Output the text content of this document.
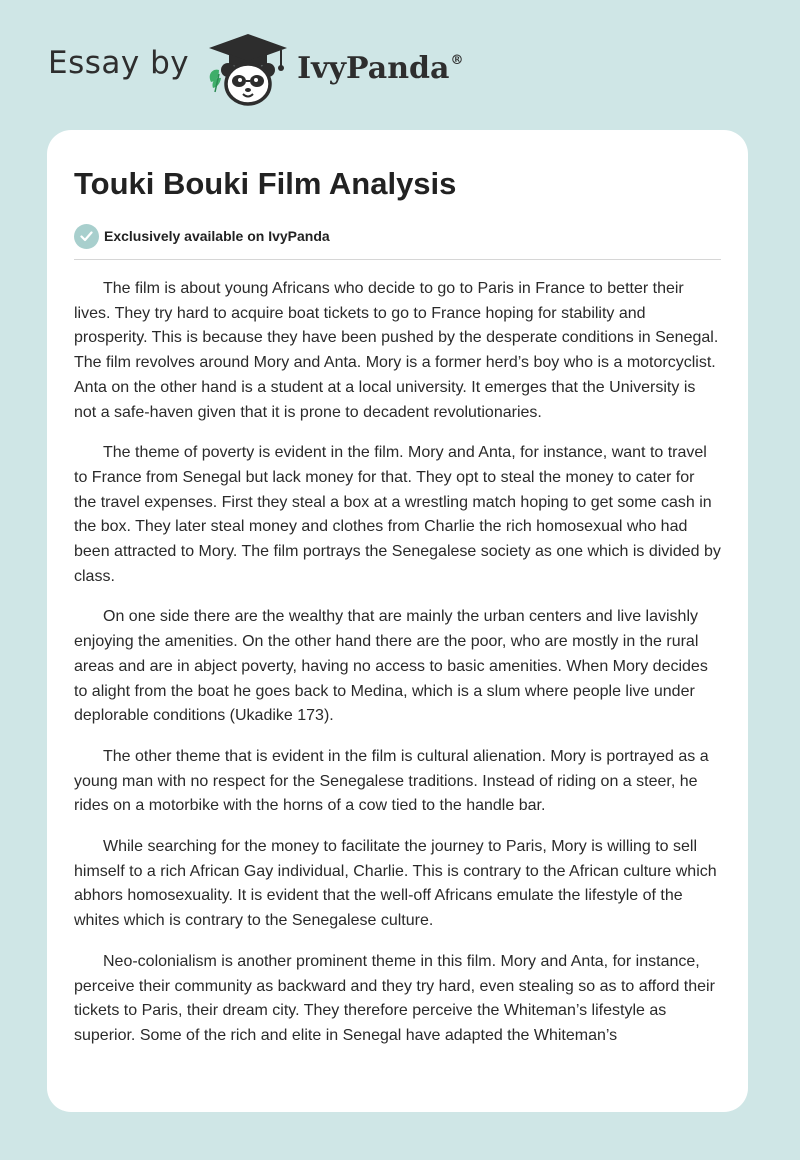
Essay by	IvyPanda®
Touki Bouki Film Analysis
Exclusively available on IvyPanda

The film is about young Africans who decide to go to Paris in France to better their lives. They try hard to acquire boat tickets to go to France hoping for stability and prosperity. This is because they have been pushed by the desperate conditions in Senegal. The film revolves around Mory and Anta. Mory is a former herd’s boy who is a motorcyclist. Anta on the other hand is a student at a local university. It emerges that the University is not a safe-haven given that it is prone to decadent revolutionaries.

The theme of poverty is evident in the film. Mory and Anta, for instance, want to travel to France from Senegal but lack money for that. They opt to steal the money to cater for the travel expenses. First they steal a box at a wrestling match hoping to get some cash in the box. They later steal money and clothes from Charlie the rich homosexual who had been attracted to Mory. The film portrays the Senegalese society as one which is divided by class.

On one side there are the wealthy that are mainly the urban centers and live lavishly enjoying the amenities. On the other hand there are the poor, who are mostly in the rural areas and are in abject poverty, having no access to basic amenities. When Mory decides to alight from the boat he goes back to Medina, which is a slum where people live under deplorable conditions (Ukadike 173).

The other theme that is evident in the film is cultural alienation. Mory is portrayed as a young man with no respect for the Senegalese traditions. Instead of riding on a steer, he rides on a motorbike with the horns of a cow tied to the handle bar.

While searching for the money to facilitate the journey to Paris, Mory is willing to sell himself to a rich African Gay individual, Charlie. This is contrary to the African culture which abhors homosexuality. It is evident that the well-off Africans emulate the lifestyle of the whites which is contrary to the Senegalese culture.

Neo-colonialism is another prominent theme in this film. Mory and Anta, for instance, perceive their community as backward and they try hard, even stealing so as to afford their tickets to Paris, their dream city. They therefore perceive the Whiteman’s lifestyle as superior. Some of the rich and elite in Senegal have adapted the Whiteman’s
